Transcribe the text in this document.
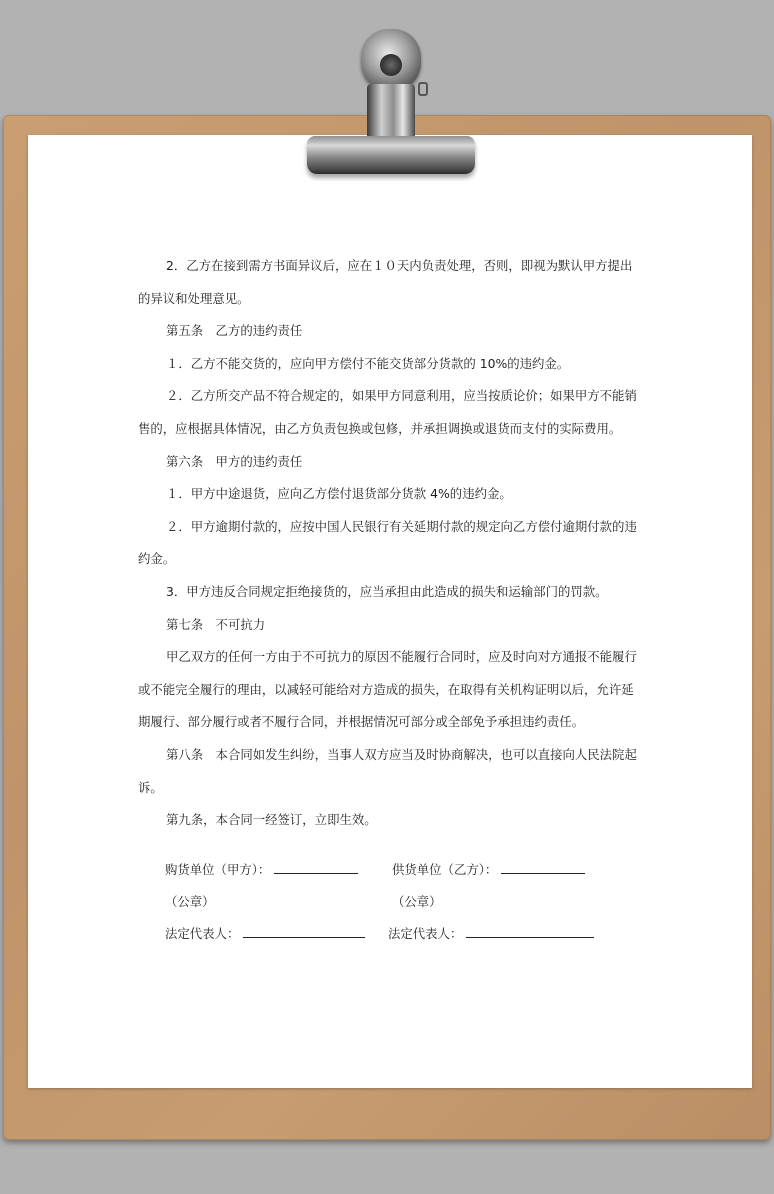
2．乙方在接到需方书面异议后，应在１０天内负责处理，否则，即视为默认甲方提出的异议和处理意见。

第五条　乙方的违约责任

１．乙方不能交货的，应向甲方偿付不能交货部分货款的 10%的违约金。

２．乙方所交产品不符合规定的，如果甲方同意利用，应当按质论价；如果甲方不能销售的，应根据具体情况，由乙方负责包换或包修，并承担调换或退货而支付的实际费用。

第六条　甲方的违约责任

１．甲方中途退货，应向乙方偿付退货部分货款 4%的违约金。

２．甲方逾期付款的，应按中国人民银行有关延期付款的规定向乙方偿付逾期付款的违约金。

3．甲方违反合同规定拒绝接货的，应当承担由此造成的损失和运输部门的罚款。

第七条　不可抗力

甲乙双方的任何一方由于不可抗力的原因不能履行合同时，应及时向对方通报不能履行或不能完全履行的理由，以减轻可能给对方造成的损失，在取得有关机构证明以后，允许延期履行、部分履行或者不履行合同，并根据情况可部分或全部免予承担违约责任。

第八条　本合同如发生纠纷，当事人双方应当及时协商解决，也可以直接向人民法院起诉。

第九条，本合同一经签订，立即生效。

购货单位（甲方）：	供货单位（乙方）：
（公章）	（公章）
法定代表人：	法定代表人：
